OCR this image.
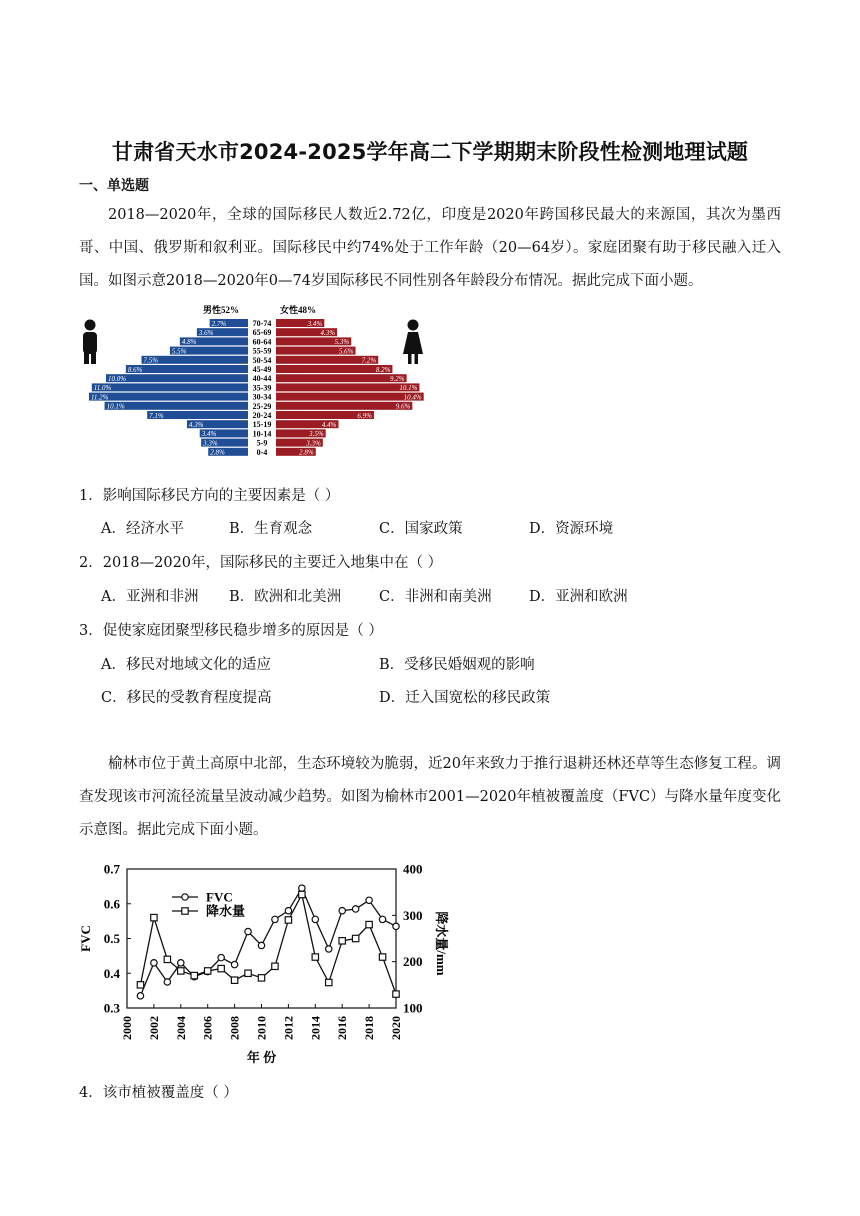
甘肃省天水市2024-2025学年高二下学期期末阶段性检测地理试题
一、单选题
2018—2020年，全球的国际移民人数近2.72亿，印度是2020年跨国移民最大的来源国，其次为墨西哥、中国、俄罗斯和叙利亚。国际移民中约74%处于工作年龄（20—64岁）。家庭团聚有助于移民融入迁入国。如图示意2018—2020年0—74岁国际移民不同性别各年龄段分布情况。据此完成下面小题。
男性52%	女性48%
2.7%	3.4%
70-74
3.6%	4.3%
65-69
4.8%	5.3%
60-64
5.5%	5.6%
55-59
7.5%	7.2%
50-54
8.6%	8.2%
45-49
10.0%	9.2%
40-44
11.0%	10.1%
35-39
11.2%	10.4%
30-34
10.1%	9.6%
25-29
7.1%	6.9%
20-24
4.3%	4.4%
15-19
3.4%	3.5%
10-14
3.3%	3.3%
5-9
2.8%	2.8%
0-4
1．影响国际移民方向的主要因素是（ ）
A．经济水平	B．生育观念	C．国家政策	D．资源环境
2．2018—2020年，国际移民的主要迁入地集中在（ ）
A．亚洲和非洲 B．欧洲和北美洲	C．非洲和南美洲	D．亚洲和欧洲
3．促使家庭团聚型移民稳步增多的原因是（ ）
A．移民对地域文化的适应	B．受移民婚姻观的影响
C．移民的受教育程度提高	D．迁入国宽松的移民政策
榆林市位于黄土高原中北部，生态环境较为脆弱，近20年来致力于推行退耕还林还草等生态修复工程。调查发现该市河流径流量呈波动减少趋势。如图为榆林市2001—2020年植被覆盖度（FVC）与降水量年度变化示意图。据此完成下面小题。
0.3
0.4
0.5
0.6
0.7
100
200
300
400
2000 2002 2004 2006 2008 2010 2012 2014 2016 2018 2020
FVC	降水量/mm
年 份
FVC
降水量
4．该市植被覆盖度（ ）
